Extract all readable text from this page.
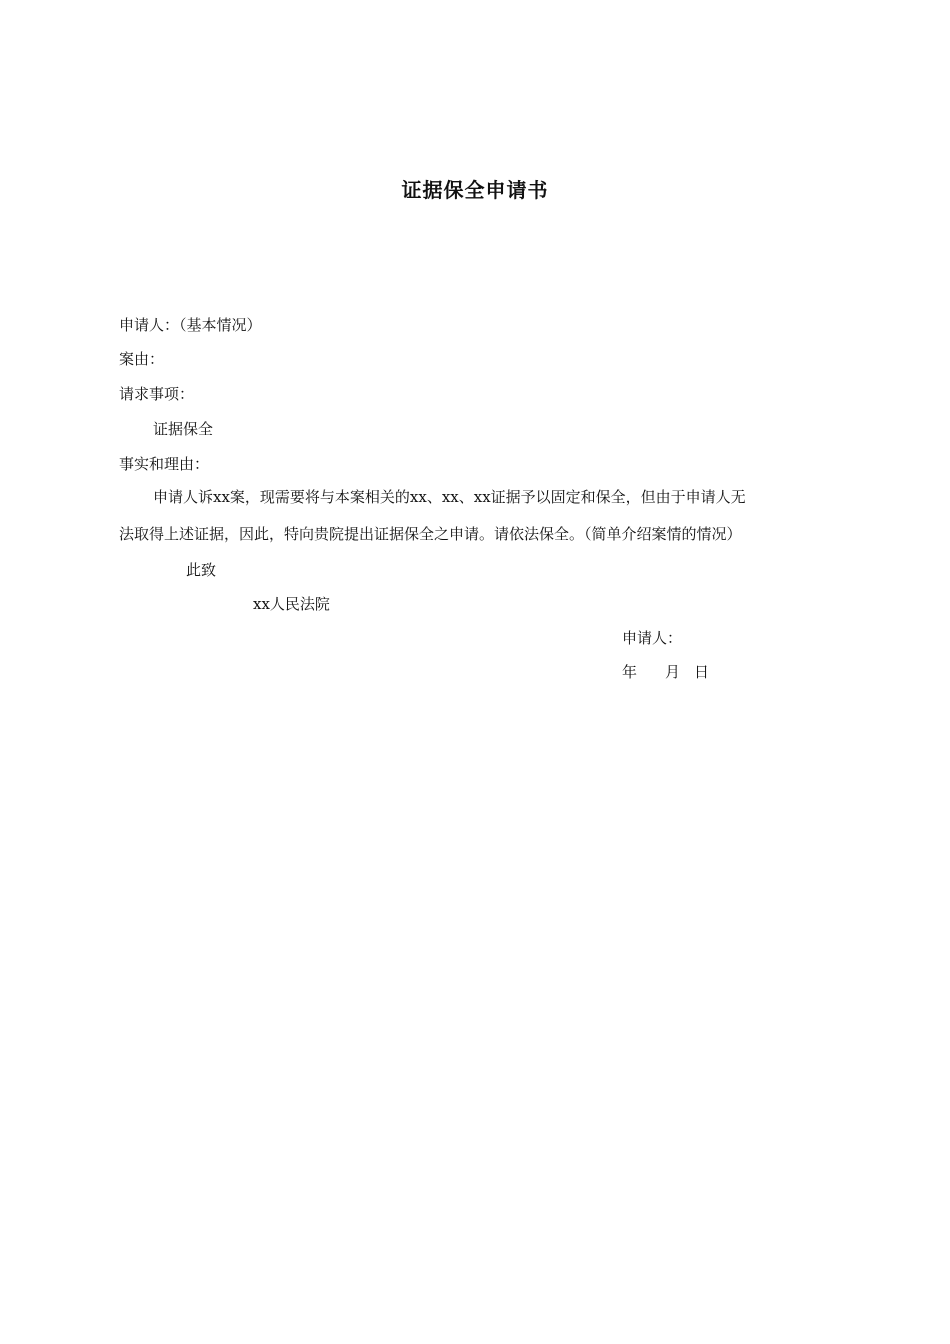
证据保全申请书
申请人：（基本情况）
案由：
请求事项：
证据保全
事实和理由：
申请人诉xx案，现需要将与本案相关的xx、xx、xx证据予以固定和保全，但由于申请人无
法取得上述证据，因此，特向贵院提出证据保全之申请。请依法保全。（简单介绍案情的情况）
此致
xx人民法院
申请人：
年 月 日
